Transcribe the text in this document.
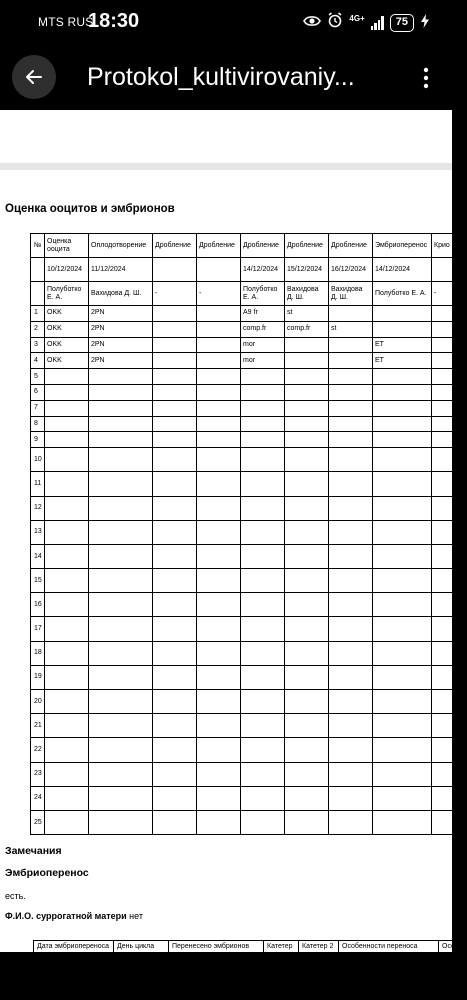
MTS RUS
18:30	4G+	75
Protokol_kultivirovaniy...
Оценка ооцитов и эмбрионов
№	Оценка ооцита	Оплодотворение	Дробление	Дробление	Дробление	Дробление	Дробление	Эмбриоперенос	Крио
	10/12/2024	11/12/2024			14/12/2024	15/12/2024	16/12/2024	14/12/2024	
	Полуботко Е. А.	Вахидова Д. Ш.	-	-	Полуботко Е. А.	Вахидова Д. Ш.	Вахидова Д. Ш.	Полуботко Е. А.	-
1	OKK	2PN			A9 fr	st			
2	OKK	2PN			comp.fr	comp.fr	st		
3	OKK	2PN			mor			ET	
4	OKK	2PN			mor			ET	
5									
6									
7									
8									
9									
10									
11									
12									
13									
14									
15									
16									
17									
18									
19									
20									
21									
22									
23									
24									
25									
Замечания
Эмбриоперенос
есть.
Ф.И.О. суррогатной матери нет
Дата эмбриопереноса	День цикла	Перенесено эмбрионов	Катетер	Катетер 2	Особенности переноса	Осо
